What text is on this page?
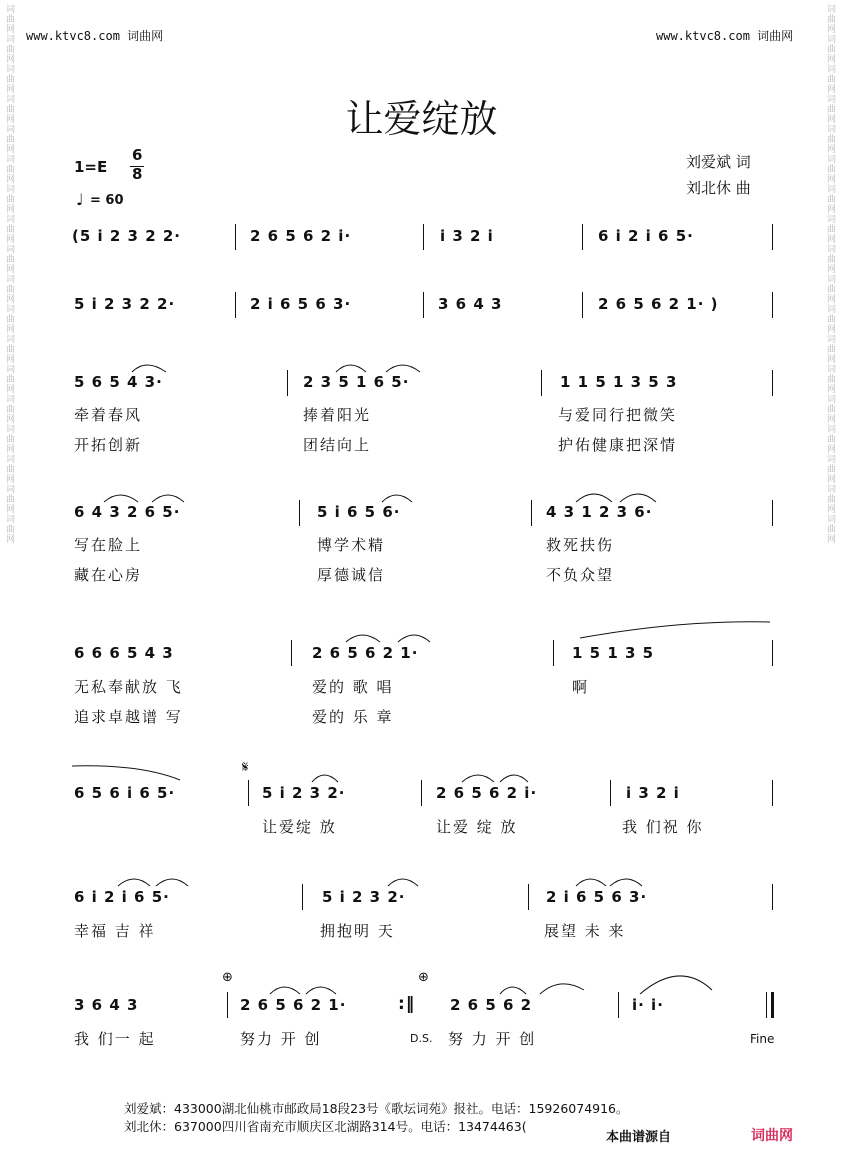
词曲网词曲网词曲网词曲网词曲网词曲网词曲网词曲网词曲网词曲网词曲网词曲网词曲网词曲网词曲网词曲网词曲网词曲网	词曲网词曲网词曲网词曲网词曲网词曲网词曲网词曲网词曲网词曲网词曲网词曲网词曲网词曲网词曲网词曲网词曲网词曲网
www.ktvc8.com 词曲网	www.ktvc8.com 词曲网
让爱绽放
1=E
6
8
♩ = 60
刘爱斌 词
刘北休 曲
(5 i 2 3 2 2·	2 6 5 6 2 i·	i 3 2 i	6 i 2 i 6 5·
5 i 2 3 2 2·	2 i 6 5 6 3·	3 6 4 3	2 6 5 6 2 1· )
5 6 5 4 3·	2 3 5 1 6 5·	1 1 5 1 3 5 3
牵着春风	捧着阳光	与爱同行把微笑
开拓创新	团结向上	护佑健康把深情
6 4 3 2 6 5·	5 i 6 5 6·	4 3 1 2 3 6·
写在脸上	博学术精	救死扶伤
藏在心房	厚德诚信	不负众望
6 6 6 5 4 3	2 6 5 6 2 1·	1 5 1 3 5
无私奉献放 飞	爱的 歌 唱	啊
追求卓越谱 写	爱的 乐 章
𝄋
6 5 6 i 6 5·	5 i 2 3 2·	2 6 5 6 2 i·	i 3 2 i
让爱绽 放	让爱 绽 放	我 们祝 你
6 i 2 i 6 5·	5 i 2 3 2·	2 i 6 5 6 3·
幸福 吉 祥	拥抱明 天	展望 未 来
⊕	⊕
3 6 4 3	2 6 5 6 2 1·	:‖ 2 6 5 6 2	i· i·
我 们一 起	努力 开 创	D.S. 努 力 开 创	Fine
刘爱斌：433000湖北仙桃市邮政局18段23号《歌坛词苑》报社。电话：15926074916。
刘北休：637000四川省南充市顺庆区北湖路314号。电话：13474463(
本曲谱源自	词曲网
